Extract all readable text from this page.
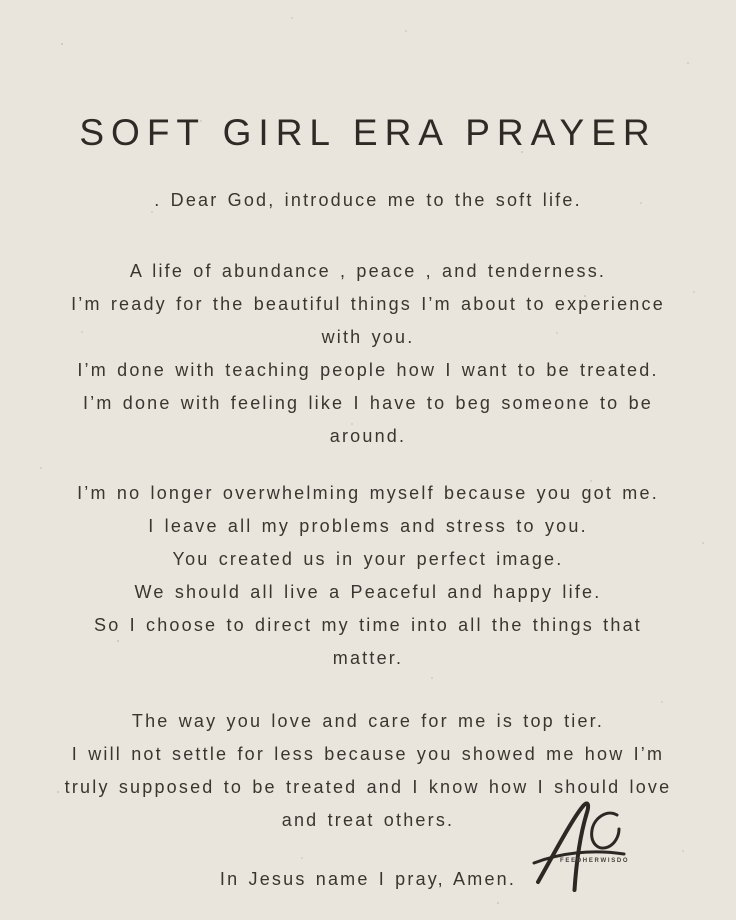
SOFT GIRL ERA PRAYER

. Dear God, introduce me to the soft life.

A life of abundance , peace , and tenderness.

I’m ready for the beautiful things I’m about to experience

with you.

I’m done with teaching people how I want to be treated.

I’m done with feeling like I have to beg someone to be

around.

I’m no longer overwhelming myself because you got me.

I leave all my problems and stress to you.

You created us in your perfect image.

We should all live a Peaceful and happy life.

So I choose to direct my time into all the things that

matter.

The way you love and care for me is top tier.

I will not settle for less because you showed me how I’m

truly supposed to be treated and I know how I should love

and treat others.

In Jesus name I pray, Amen.

FEEDHERWISDO
